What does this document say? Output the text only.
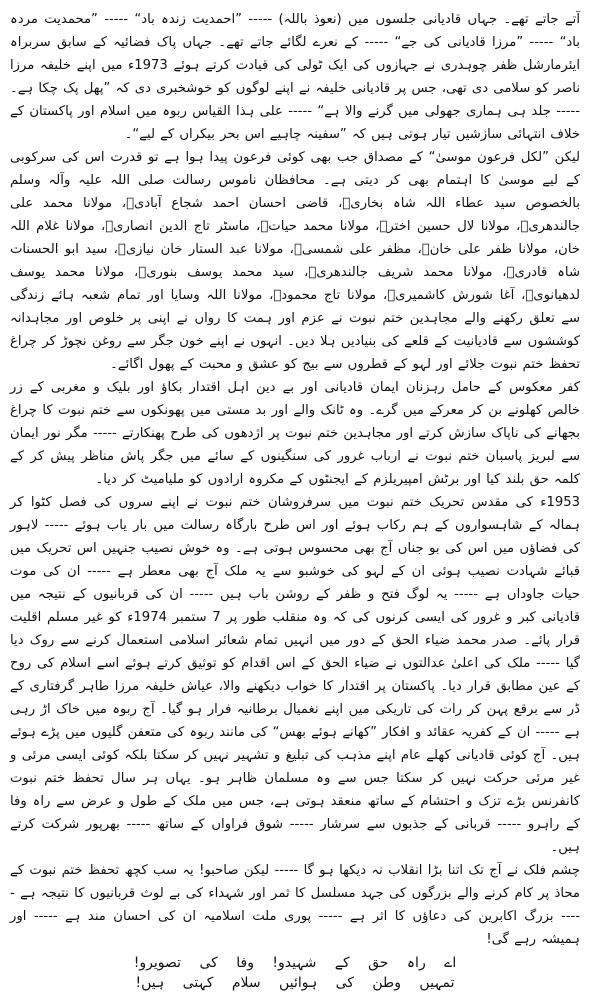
آتے جاتے تھے۔ جہاں قادیانی جلسوں میں (نعوذ باللہ) ----- ”احمدیت زندہ باد“ ----- ”محمدیت مردہ باد“ ----- ”مرزا قادیانی کی جے“ ----- کے نعرے لگائے جاتے تھے۔ جہاں پاک فضائیہ کے سابق سربراہ ایئرمارشل ظفر چوہدری نے جہازوں کی ایک ٹولی کی قیادت کرتے ہوئے 1973ء میں اپنے خلیفہ مرزا ناصر کو سلامی دی تھی، جس پر قادیانی خلیفہ نے اپنے لوگوں کو خوشخبری دی کہ ”پھل پک چکا ہے۔ ----- جلد ہی ہماری جھولی میں گرنے والا ہے“ ----- علی ہذا القیاس ربوہ میں اسلام اور پاکستان کے خلاف انتہائی سازشیں تیار ہوتی ہیں کہ ”سفینہ چاہیے اس بحر بیکراں کے لیے“۔

لیکن ”لکل فرعون موسیٰ“ کے مصداق جب بھی کوئی فرعون پیدا ہوا ہے تو قدرت اس کی سرکوبی کے لیے موسیٰ کا اہتمام بھی کر دیتی ہے۔ محافظان ناموس رسالت صلی اللہ علیہ وآلہ وسلم بالخصوص سید عطاء اللہ شاہ بخاریؒ، قاضی احسان احمد شجاع آبادیؒ، مولانا محمد علی جالندھریؒ، مولانا لال حسین اخترؒ، مولانا محمد حیاتؒ، ماسٹر تاج الدین انصاریؒ، مولانا غلام اللہ خان، مولانا ظفر علی خانؒ، مظفر علی شمسیؒ، مولانا عبد الستار خان نیازیؒ، سید ابو الحسنات شاہ قادریؒ، مولانا محمد شریف جالندھریؒ، سید محمد یوسف بنوریؒ، مولانا محمد یوسف لدھیانویؒ، آغا شورش کاشمیریؒ، مولانا تاج محمودؒ، مولانا اللہ وسایا اور تمام شعبہ ہائے زندگی سے تعلق رکھنے والے مجاہدین ختم نبوت نے عزم اور ہمت کا رواں نے اپنی پر خلوص اور مجاہدانہ کوششوں سے قادیانیت کے قلعے کی بنیادیں ہلا دیں۔ انہوں نے اپنے خون جگر سے روغن نچوڑ کر چراغ تحفظ ختم نبوت جلائے اور لہو کے قطروں سے بیج کو عشق و محبت کے پھول اگائے۔

کفر معکوس کے حامل رہزنان ایمان قادیانی اور بے دین اہل اقتدار بکاؤ اور بلیک و مغربی کے زر خالص کھلونے بن کر معرکے میں گرے۔ وہ ٹانک والے اور بد مستی میں پھونکوں سے ختم نبوت کا چراغ بجھانے کی ناپاک سازش کرتے اور مجاہدین ختم نبوت پر اژدھوں کی طرح پھنکارتے ----- مگر نور ایمان سے لبریز پاسبان ختم نبوت نے ارباب غرور کی سنگینوں کے سائے میں جگر پاش مناظر پیش کر کے کلمہ حق بلند کیا اور برٹش امپیریلزم کے ایجنٹوں کے مکروہ ارادوں کو ملیامیٹ کر دیا۔

1953ء کی مقدس تحریک ختم نبوت میں سرفروشان ختم نبوت نے اپنے سروں کی فصل کٹوا کر ہمالہ کے شاہسواروں کے ہم رکاب ہوئے اور اس طرح بارگاہ رسالت میں بار یاب ہوئے ----- لاہور کی فضاؤں میں اس کی بو جناں آج بھی محسوس ہوتی ہے۔ وہ خوش نصیب جنہیں اس تحریک میں قبائے شہادت نصیب ہوئی ان کے لہو کی خوشبو سے یہ ملک آج بھی معطر ہے ----- ان کی موت حیات جاوداں ہے ----- یہ لوگ فتح و ظفر کے روشن باب ہیں ----- ان کی قربانیوں کے نتیجہ میں قادیانی کبر و غرور کی ایسی کرنوں کی کہ وہ منقلب طور پر 7 ستمبر 1974ء کو غیر مسلم اقلیت قرار پائے۔ صدر محمد ضیاء الحق کے دور میں انہیں تمام شعائر اسلامی استعمال کرنے سے روک دیا گیا ----- ملک کی اعلیٰ عدالتوں نے ضیاء الحق کے اس اقدام کو توثیق کرتے ہوئے اسے اسلام کی روح کے عین مطابق قرار دیا۔ پاکستان پر اقتدار کا خواب دیکھنے والا، عیاش خلیفہ مرزا طاہر گرفتاری کے ڈر سے برقع پہن کر رات کی تاریکی میں اپنے نغمیال برطانیہ فرار ہو گیا۔ آج ربوہ میں خاک اڑ رہی ہے ----- ان کے کفریہ عقائد و افکار ”کھانے ہوئے بھس“ کی مانند ربوہ کی متعفن گلیوں میں پڑے ہوئے ہیں۔ آج کوئی قادیانی کھلے عام اپنے مذہب کی تبلیغ و تشہیر نہیں کر سکتا بلکہ کوئی ایسی مرئی و غیر مرئی حرکت نہیں کر سکتا جس سے وہ مسلمان ظاہر ہو۔ یہاں ہر سال تحفظ ختم نبوت کانفرنس بڑے تزک و احتشام کے ساتھ منعقد ہوتی ہے، جس میں ملک کے طول و عرض سے راہ وفا کے راہرو ----- قربانی کے جذبوں سے سرشار ----- شوق فراواں کے ساتھ ----- بھرپور شرکت کرتے ہیں۔

چشم فلک نے آج تک اتنا بڑا انقلاب نہ دیکھا ہو گا ----- لیکن صاحبو! یہ سب کچھ تحفظ ختم نبوت کے محاذ پر کام کرنے والے بزرگوں کی جہد مسلسل کا ثمر اور شہداء کی بے لوث قربانیوں کا نتیجہ ہے ----- بزرگ اکابرین کی دعاؤں کا اثر ہے ----- پوری ملت اسلامیہ ان کی احسان مند ہے ----- اور ہمیشہ رہے گی!

اے راہ حق کے شہیدو! وفا کی تصویرو!
تمہیں وطن کی ہوائیں سلام کہتی ہیں!
